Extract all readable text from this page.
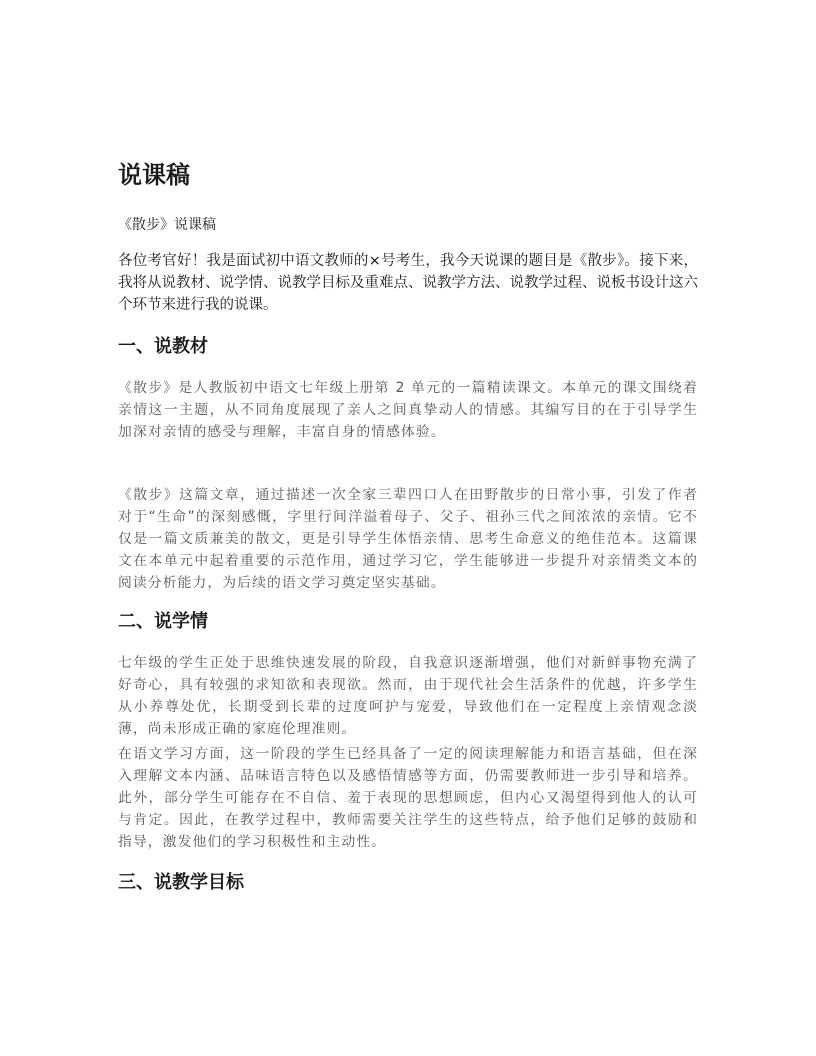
说课稿

《散步》说课稿

各位考官好！我是面试初中语文教师的×号考生，我今天说课的题目是《散步》。接下来，我将从说教材、说学情、说教学目标及重难点、说教学方法、说教学过程、说板书设计这六个环节来进行我的说课。

一、说教材

《散步》是人教版初中语文七年级上册第 2 单元的一篇精读课文。本单元的课文围绕着亲情这一主题，从不同角度展现了亲人之间真挚动人的情感。其编写目的在于引导学生加深对亲情的感受与理解，丰富自身的情感体验。

《散步》这篇文章，通过描述一次全家三辈四口人在田野散步的日常小事，引发了作者对于“生命”的深刻感慨，字里行间洋溢着母子、父子、祖孙三代之间浓浓的亲情。它不仅是一篇文质兼美的散文，更是引导学生体悟亲情、思考生命意义的绝佳范本。这篇课文在本单元中起着重要的示范作用，通过学习它，学生能够进一步提升对亲情类文本的阅读分析能力，为后续的语文学习奠定坚实基础。

二、说学情

七年级的学生正处于思维快速发展的阶段，自我意识逐渐增强，他们对新鲜事物充满了好奇心，具有较强的求知欲和表现欲。然而，由于现代社会生活条件的优越，许多学生从小养尊处优，长期受到长辈的过度呵护与宠爱，导致他们在一定程度上亲情观念淡薄，尚未形成正确的家庭伦理准则。

在语文学习方面，这一阶段的学生已经具备了一定的阅读理解能力和语言基础，但在深入理解文本内涵、品味语言特色以及感悟情感等方面，仍需要教师进一步引导和培养。此外，部分学生可能存在不自信、羞于表现的思想顾虑，但内心又渴望得到他人的认可与肯定。因此，在教学过程中，教师需要关注学生的这些特点，给予他们足够的鼓励和指导，激发他们的学习积极性和主动性。

三、说教学目标
